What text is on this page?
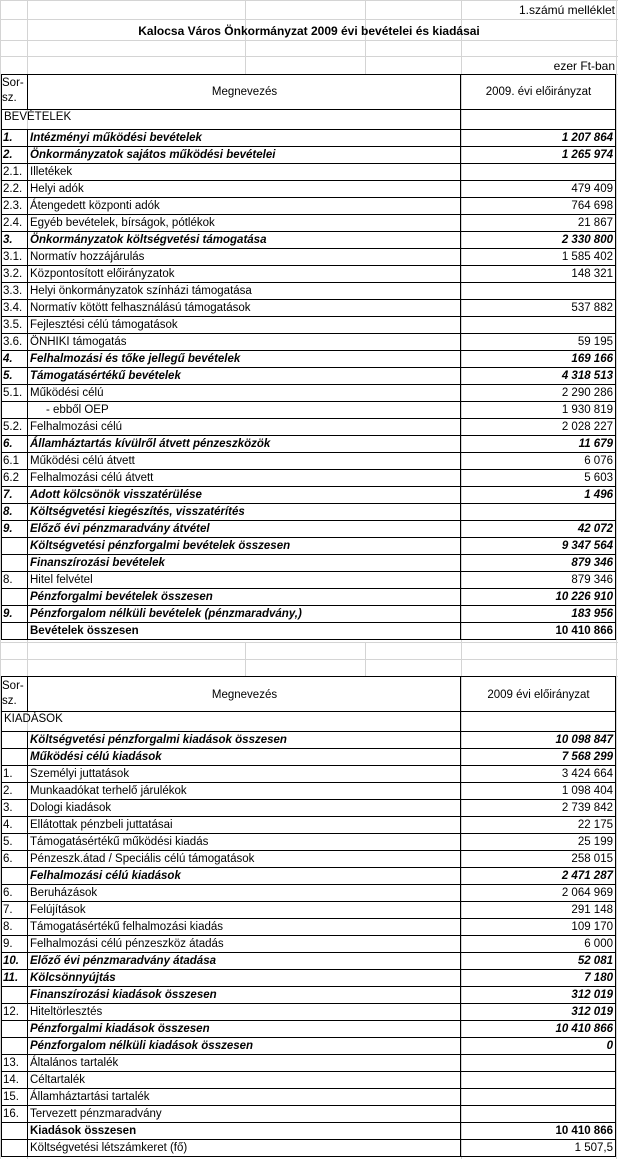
1.számú melléklet
Kalocsa Város Önkormányzat 2009 évi bevételei és kiadásai
ezer Ft-ban
Sor-
sz.	Megnevezés	2009. évi előirányzat
BEVÉTELEK
1.	Intézményi működési bevételek	1 207 864
2.	Önkormányzatok sajátos működési bevételei	1 265 974
2.1. Illetékek
2.2. Helyi adók	479 409
2.3. Átengedett központi adók	764 698
2.4. Egyéb bevételek, bírságok, pótlékok	21 867
3.	Önkormányzatok költségvetési támogatása	2 330 800
3.1. Normatív hozzájárulás	1 585 402
3.2. Központosított előirányzatok	148 321
3.3. Helyi önkormányzatok színházi támogatása
3.4. Normatív kötött felhasználású támogatások	537 882
3.5. Fejlesztési célú támogatások
3.6. ÖNHIKI támogatás	59 195
4.	Felhalmozási és tőke jellegű bevételek	169 166
5.	Támogatásértékű bevételek	4 318 513
5.1. Működési célú	2 290 286
- ebből OEP	1 930 819
5.2. Felhalmozási célú	2 028 227
6.	Államháztartás kívülről átvett pénzeszközök	11 679
6.1 Működési célú átvett	6 076
6.2 Felhalmozási célú átvett	5 603
7.	Adott kölcsönök visszatérülése	1 496
8.	Költségvetési kiegészítés, visszatérítés
9.	Előző évi pénzmaradvány átvétel	42 072
Költségvetési pénzforgalmi bevételek összesen	9 347 564
Finanszírozási bevételek	879 346
8.	Hitel felvétel	879 346
Pénzforgalmi bevételek összesen	10 226 910
9.	Pénzforgalom nélküli bevételek (pénzmaradvány,)	183 956
Bevételek összesen	10 410 866
Sor-
sz.	Megnevezés	2009 évi előirányzat
KIADÁSOK
Költségvetési pénzforgalmi kiadások összesen	10 098 847
Működési célú kiadások	7 568 299
1.	Személyi juttatások	3 424 664
2.	Munkaadókat terhelő járulékok	1 098 404
3.	Dologi kiadások	2 739 842
4.	Ellátottak pénzbeli juttatásai	22 175
5.	Támogatásértékű működési kiadás	25 199
6.	Pénzeszk.átad / Speciális célú támogatások	258 015
Felhalmozási célú kiadások	2 471 287
6.	Beruházások	2 064 969
7.	Felújítások	291 148
8.	Támogatásértékű felhalmozási kiadás	109 170
9.	Felhalmozási célú pénzeszköz átadás	6 000
10. Előző évi pénzmaradvány átadása	52 081
11.	Kölcsönnyújtás	7 180
Finanszírozási kiadások összesen	312 019
12. Hiteltörlesztés	312 019
Pénzforgalmi kiadások összesen	10 410 866
Pénzforgalom nélküli kiadások összesen	0
13. Általános tartalék
14. Céltartalék
15. Államháztartási tartalék
16. Tervezett pénzmaradvány
Kiadások összesen	10 410 866
Költségvetési létszámkeret (fő)	1 507,5
